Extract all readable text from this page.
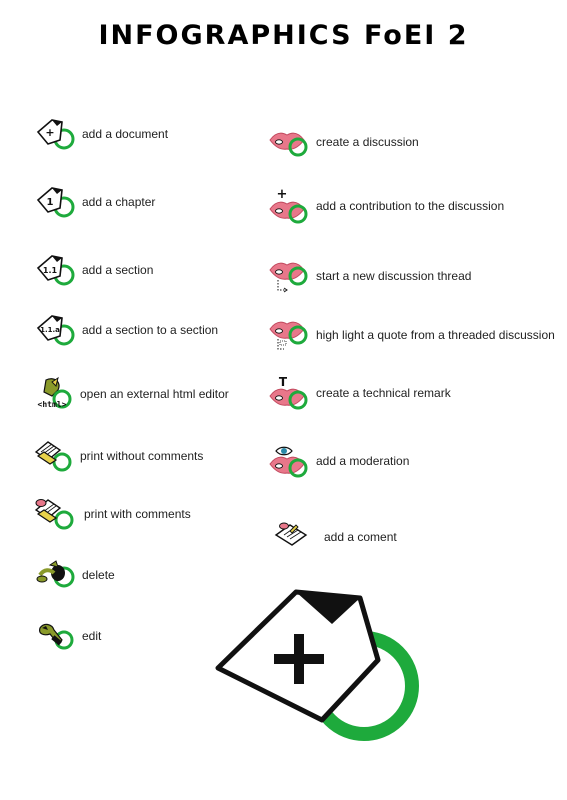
INFOGRAPHICS FoEI 2
+ add a document
1 add a chapter
1.1 add a section
1.1.a add a section to a section
<html>
open an external html editor
print without comments
print with comments
delete
edit
create a discussion
+
add a contribution to the discussion
start a new discussion thread
high light a quote from a threaded discussion
T
create a technical remark
add a moderation
add a coment
